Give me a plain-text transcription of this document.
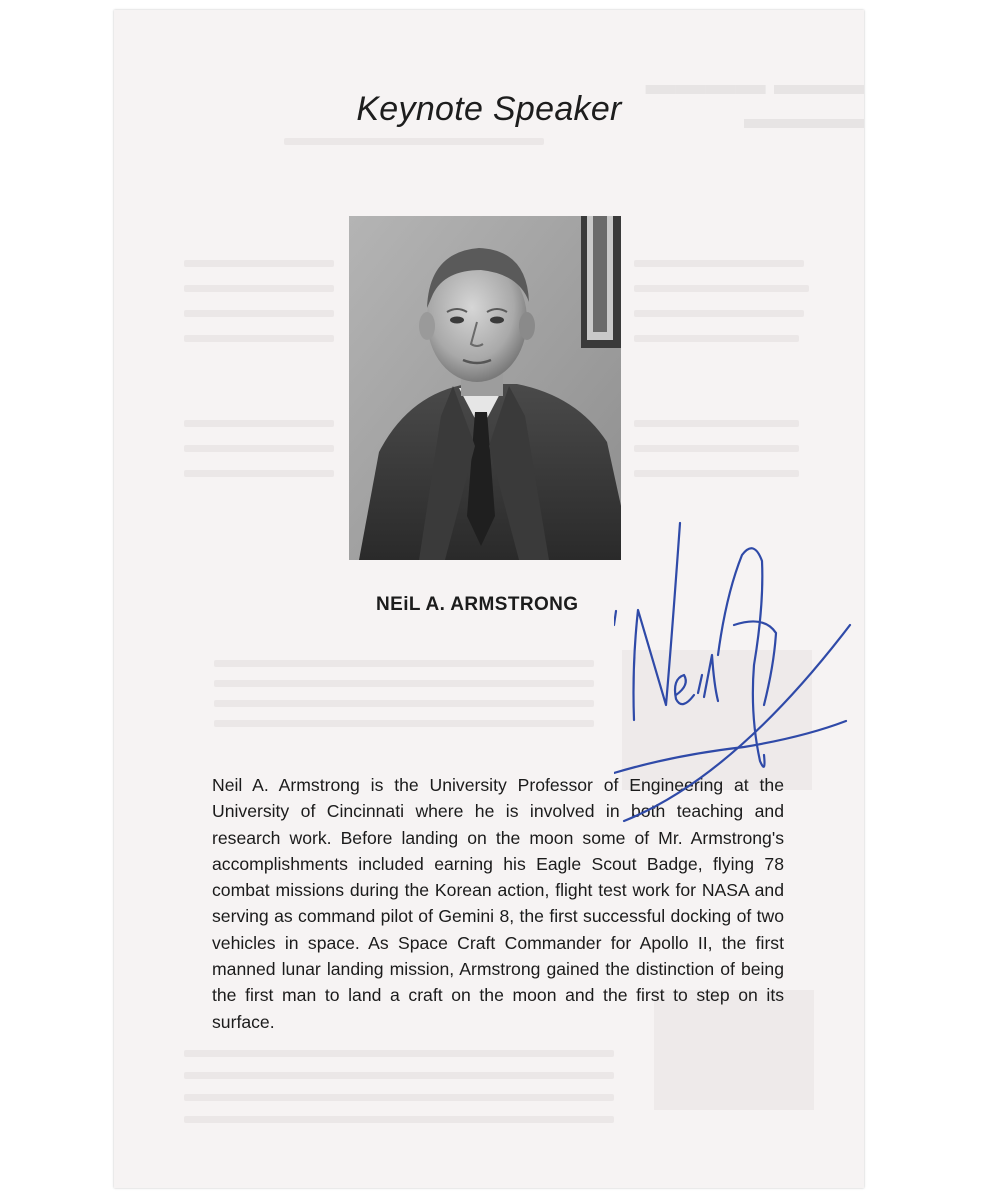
▬▬▬ ▬▬▬▬ ▬▬▬▬
Keynote Speaker
NEiL A. ARMSTRONG
Neil A. Armstrong is the University Professor of Engineering at the University of Cincinnati where he is involved in both teaching and research work. Before landing on the moon some of Mr. Armstrong's accomplishments included earning his Eagle Scout Badge, flying 78 combat missions during the Korean action, flight test work for NASA and serving as command pilot of Gemini 8, the first successful docking of two vehicles in space. As Space Craft Commander for Apollo II, the first manned lunar landing mission, Armstrong gained the distinction of being the first man to land a craft on the moon and the first to step on its surface.
